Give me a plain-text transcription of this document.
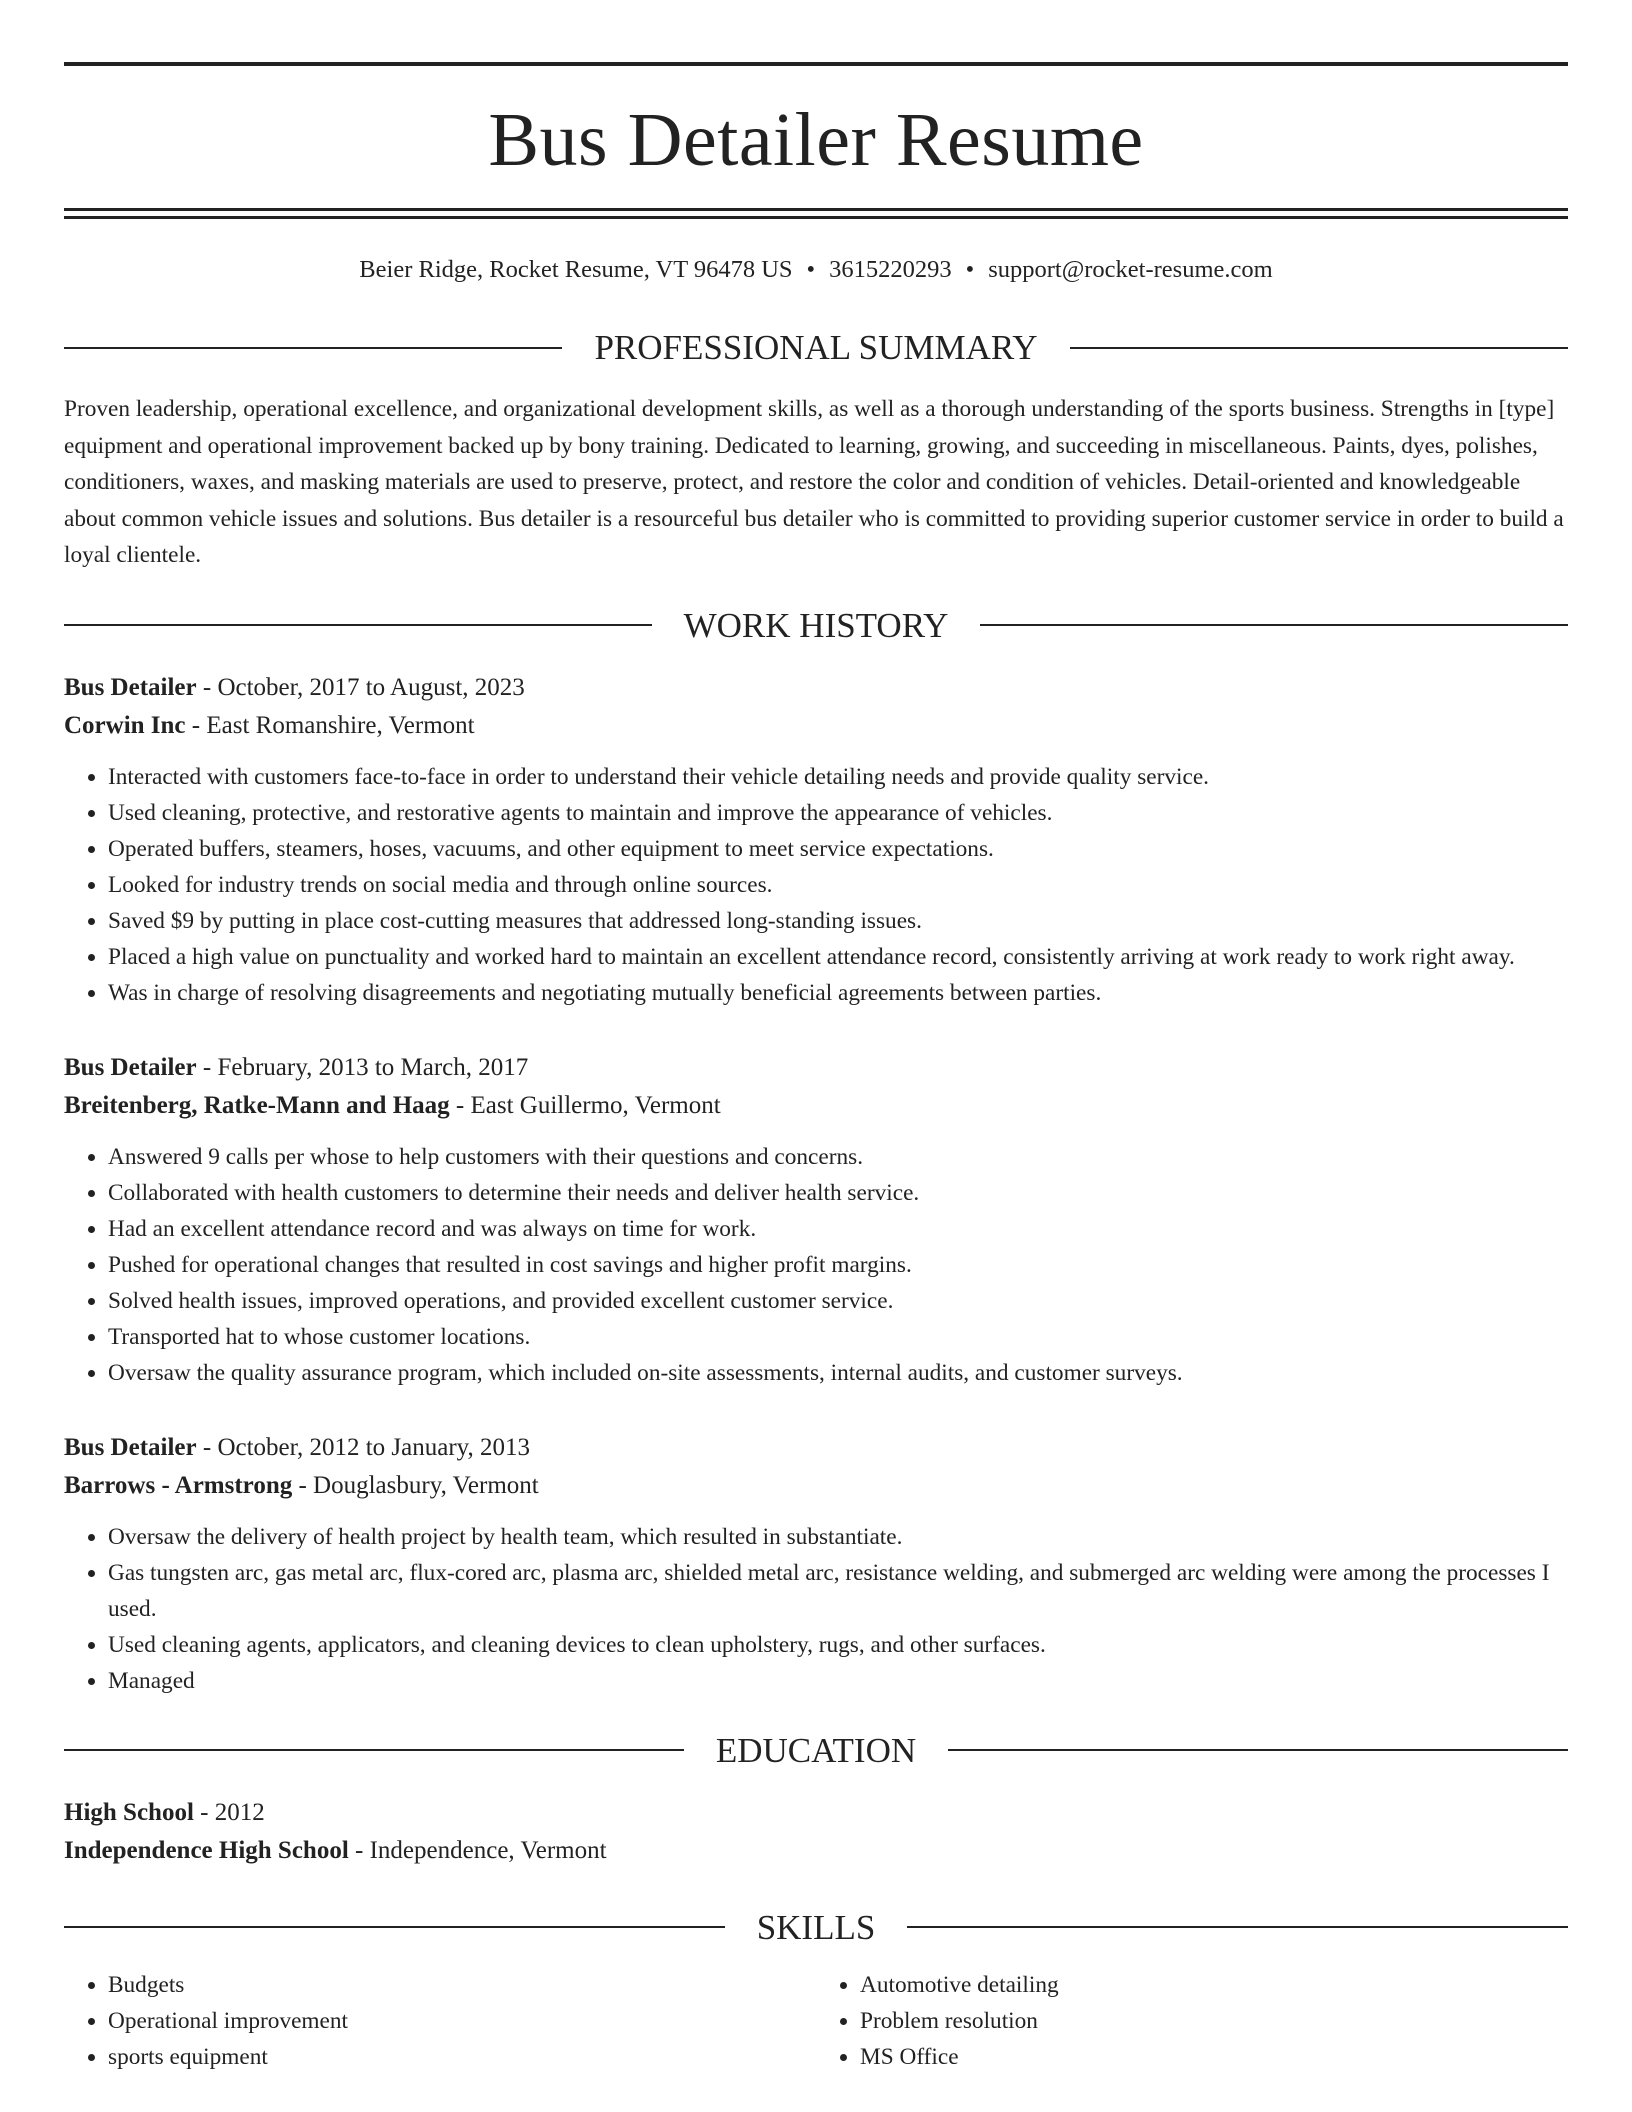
Bus Detailer Resume
Beier Ridge, Rocket Resume, VT 96478 US • 3615220293 • support@rocket-resume.com
PROFESSIONAL SUMMARY
Proven leadership, operational excellence, and organizational development skills, as well as a thorough understanding of the sports business. Strengths in [type] equipment and operational improvement backed up by bony training. Dedicated to learning, growing, and succeeding in miscellaneous. Paints, dyes, polishes, conditioners, waxes, and masking materials are used to preserve, protect, and restore the color and condition of vehicles. Detail-oriented and knowledgeable about common vehicle issues and solutions. Bus detailer is a resourceful bus detailer who is committed to providing superior customer service in order to build a loyal clientele.
WORK HISTORY
Bus Detailer - October, 2017 to August, 2023
Corwin Inc - East Romanshire, Vermont
• Interacted with customers face-to-face in order to understand their vehicle detailing needs and provide quality service.
• Used cleaning, protective, and restorative agents to maintain and improve the appearance of vehicles.
• Operated buffers, steamers, hoses, vacuums, and other equipment to meet service expectations.
• Looked for industry trends on social media and through online sources.
• Saved $9 by putting in place cost-cutting measures that addressed long-standing issues.
• Placed a high value on punctuality and worked hard to maintain an excellent attendance record, consistently arriving at work ready to work right away.
• Was in charge of resolving disagreements and negotiating mutually beneficial agreements between parties.
Bus Detailer - February, 2013 to March, 2017
Breitenberg, Ratke-Mann and Haag - East Guillermo, Vermont
• Answered 9 calls per whose to help customers with their questions and concerns.
• Collaborated with health customers to determine their needs and deliver health service.
• Had an excellent attendance record and was always on time for work.
• Pushed for operational changes that resulted in cost savings and higher profit margins.
• Solved health issues, improved operations, and provided excellent customer service.
• Transported hat to whose customer locations.
• Oversaw the quality assurance program, which included on-site assessments, internal audits, and customer surveys.
Bus Detailer - October, 2012 to January, 2013
Barrows - Armstrong - Douglasbury, Vermont
• Oversaw the delivery of health project by health team, which resulted in substantiate.
• Gas tungsten arc, gas metal arc, flux-cored arc, plasma arc, shielded metal arc, resistance welding, and submerged arc welding were among the processes I used.
• Used cleaning agents, applicators, and cleaning devices to clean upholstery, rugs, and other surfaces.
• Managed
EDUCATION
High School - 2012
Independence High School - Independence, Vermont
SKILLS
• Budgets
• Operational improvement
• sports equipment
• Automotive detailing
• Problem resolution
• MS Office
